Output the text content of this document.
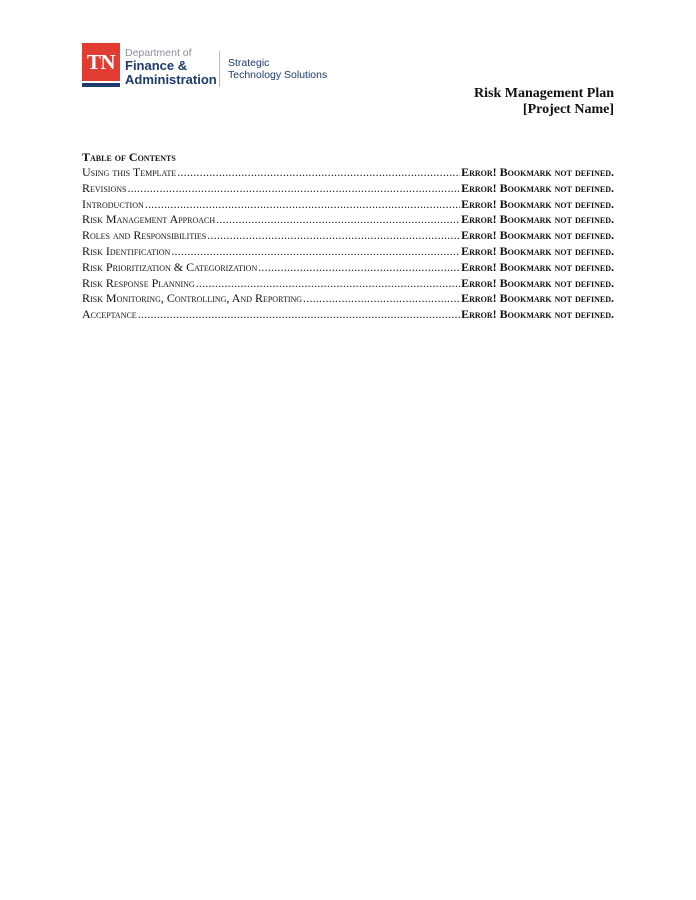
TN Department of
Finance &
Administration
Strategic
Technology Solutions
Risk Management Plan
[Project Name]
Table of Contents
Using this Template .....	Error! Bookmark not defined.
Revisions .....	Error! Bookmark not defined.
Introduction .....	Error! Bookmark not defined.
Risk Management Approach .....	Error! Bookmark not defined.
Roles and Responsibilities .....	Error! Bookmark not defined.
Risk Identification .....	Error! Bookmark not defined.
Risk Prioritization & Categorization .....	Error! Bookmark not defined.
Risk Response Planning .....	Error! Bookmark not defined.
Risk Monitoring, Controlling, And Reporting .....	Error! Bookmark not defined.
Acceptance .....	Error! Bookmark not defined.
